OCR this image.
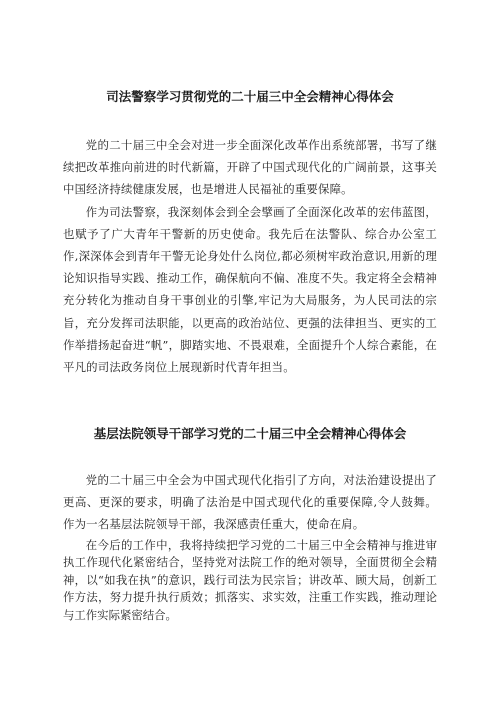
司法警察学习贯彻党的二十届三中全会精神心得体会

党的二十届三中全会对进一步全面深化改革作出系统部署，书写了继续把改革推向前进的时代新篇，开辟了中国式现代化的广阔前景，这事关中国经济持续健康发展，也是增进人民福祉的重要保障。

作为司法警察，我深刻体会到全会擘画了全面深化改革的宏伟蓝图，也赋予了广大青年干警新的历史使命。我先后在法警队、综合办公室工作,深深体会到青年干警无论身处什么岗位,都必须树牢政治意识,用新的理论知识指导实践、推动工作，确保航向不偏、准度不失。我定将全会精神充分转化为推动自身干事创业的引擎,牢记为大局服务，为人民司法的宗旨，充分发挥司法职能，以更高的政治站位、更强的法律担当、更实的工作举措扬起奋进“帆”，脚踏实地、不畏艰难，全面提升个人综合素能，在平凡的司法政务岗位上展现新时代青年担当。

基层法院领导干部学习党的二十届三中全会精神心得体会

党的二十届三中全会为中国式现代化指引了方向，对法治建设提出了更高、更深的要求，明确了法治是中国式现代化的重要保障,令人鼓舞。作为一名基层法院领导干部，我深感责任重大，使命在肩。

在今后的工作中，我将持续把学习党的二十届三中全会精神与推进审执工作现代化紧密结合，坚持党对法院工作的绝对领导，全面贯彻全会精神，以“如我在执”的意识，践行司法为民宗旨；讲改革、顾大局，创新工作方法，努力提升执行质效；抓落实、求实效，注重工作实践，推动理论与工作实际紧密结合。
